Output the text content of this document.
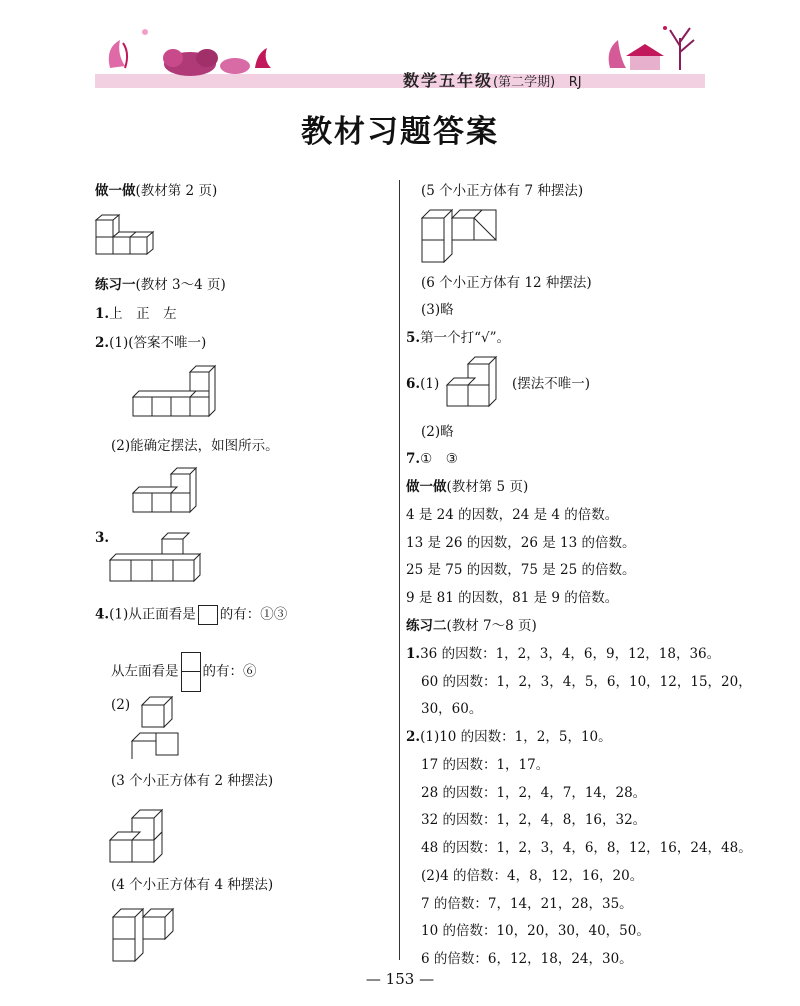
数学五年级(第二学期) RJ
教材习题答案
做一做(教材第 2 页)
练习一(教材 3～4 页)
1.上　正　左
2.(1)(答案不唯一)
(2)能确定摆法，如图所示。
3.
4.(1)从正面看是 的有：①③
从左面看是 的有：⑥
(2)
(3 个小正方体有 2 种摆法)
(4 个小正方体有 4 种摆法)
(5 个小正方体有 7 种摆法)
(6 个小正方体有 12 种摆法)
(3)略
5.第一个打“√”。
6.(1)	(摆法不唯一)
(2)略
7.①　③
做一做(教材第 5 页)
4 是 24 的因数，24 是 4 的倍数。
13 是 26 的因数，26 是 13 的倍数。
25 是 75 的因数，75 是 25 的倍数。
9 是 81 的因数，81 是 9 的倍数。
练习二(教材 7～8 页)
1.36 的因数：1，2，3，4，6，9，12，18，36。
60 的因数：1，2，3，4，5，6，10，12，15，20，
30，60。
2.(1)10 的因数：1，2，5，10。
17 的因数：1，17。
28 的因数：1，2，4，7，14，28。
32 的因数：1，2，4，8，16，32。
48 的因数：1，2，3，4，6，8，12，16，24，48。
(2)4 的倍数：4，8，12，16，20。
7 的倍数：7，14，21，28，35。
10 的倍数：10，20，30，40，50。
6 的倍数：6，12，18，24，30。
— 153 —
